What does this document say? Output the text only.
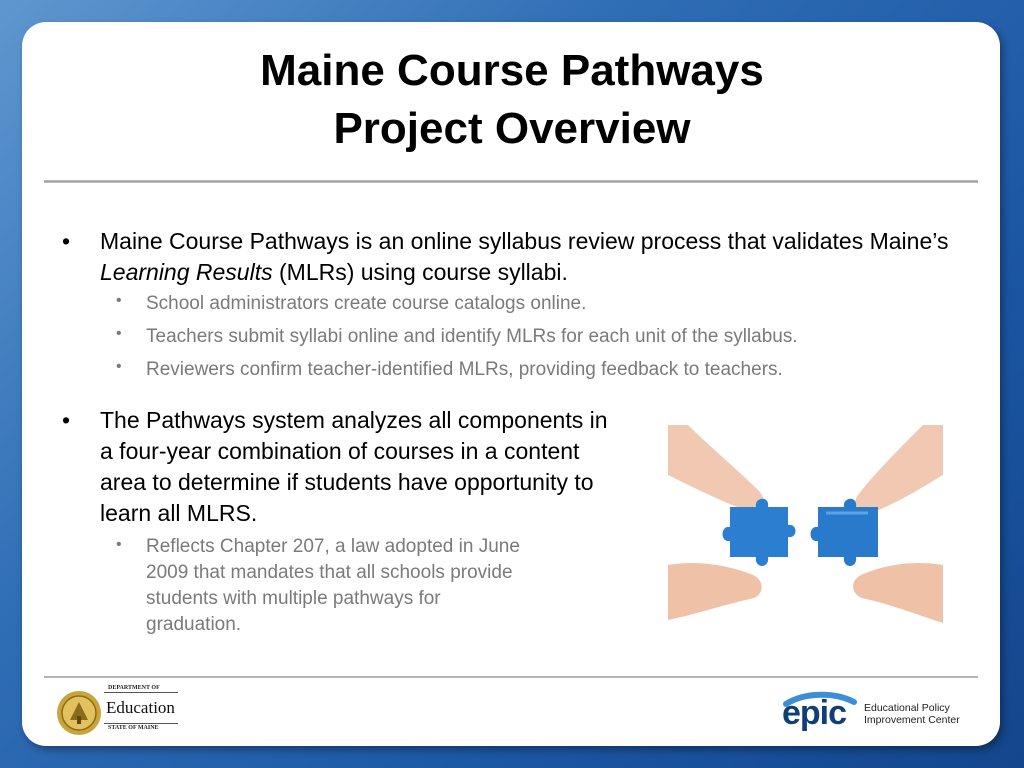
Maine Course Pathways
Project Overview
• Maine Course Pathways is an online syllabus review process that validates Maine’s Learning Results (MLRs) using course syllabi.
• School administrators create course catalogs online.
• Teachers submit syllabi online and identify MLRs for each unit of the syllabus.
• Reviewers confirm teacher-identified MLRs, providing feedback to teachers.
• The Pathways system analyzes all components in a four-year combination of courses in a content area to determine if students have opportunity to learn all MLRS.
• Reflects Chapter 207, a law adopted in June
2009 that mandates that all schools provide
students with multiple pathways for
graduation.
DEPARTMENT OF
Education
STATE OF MAINE	epic Educational Policy
Improvement Center
